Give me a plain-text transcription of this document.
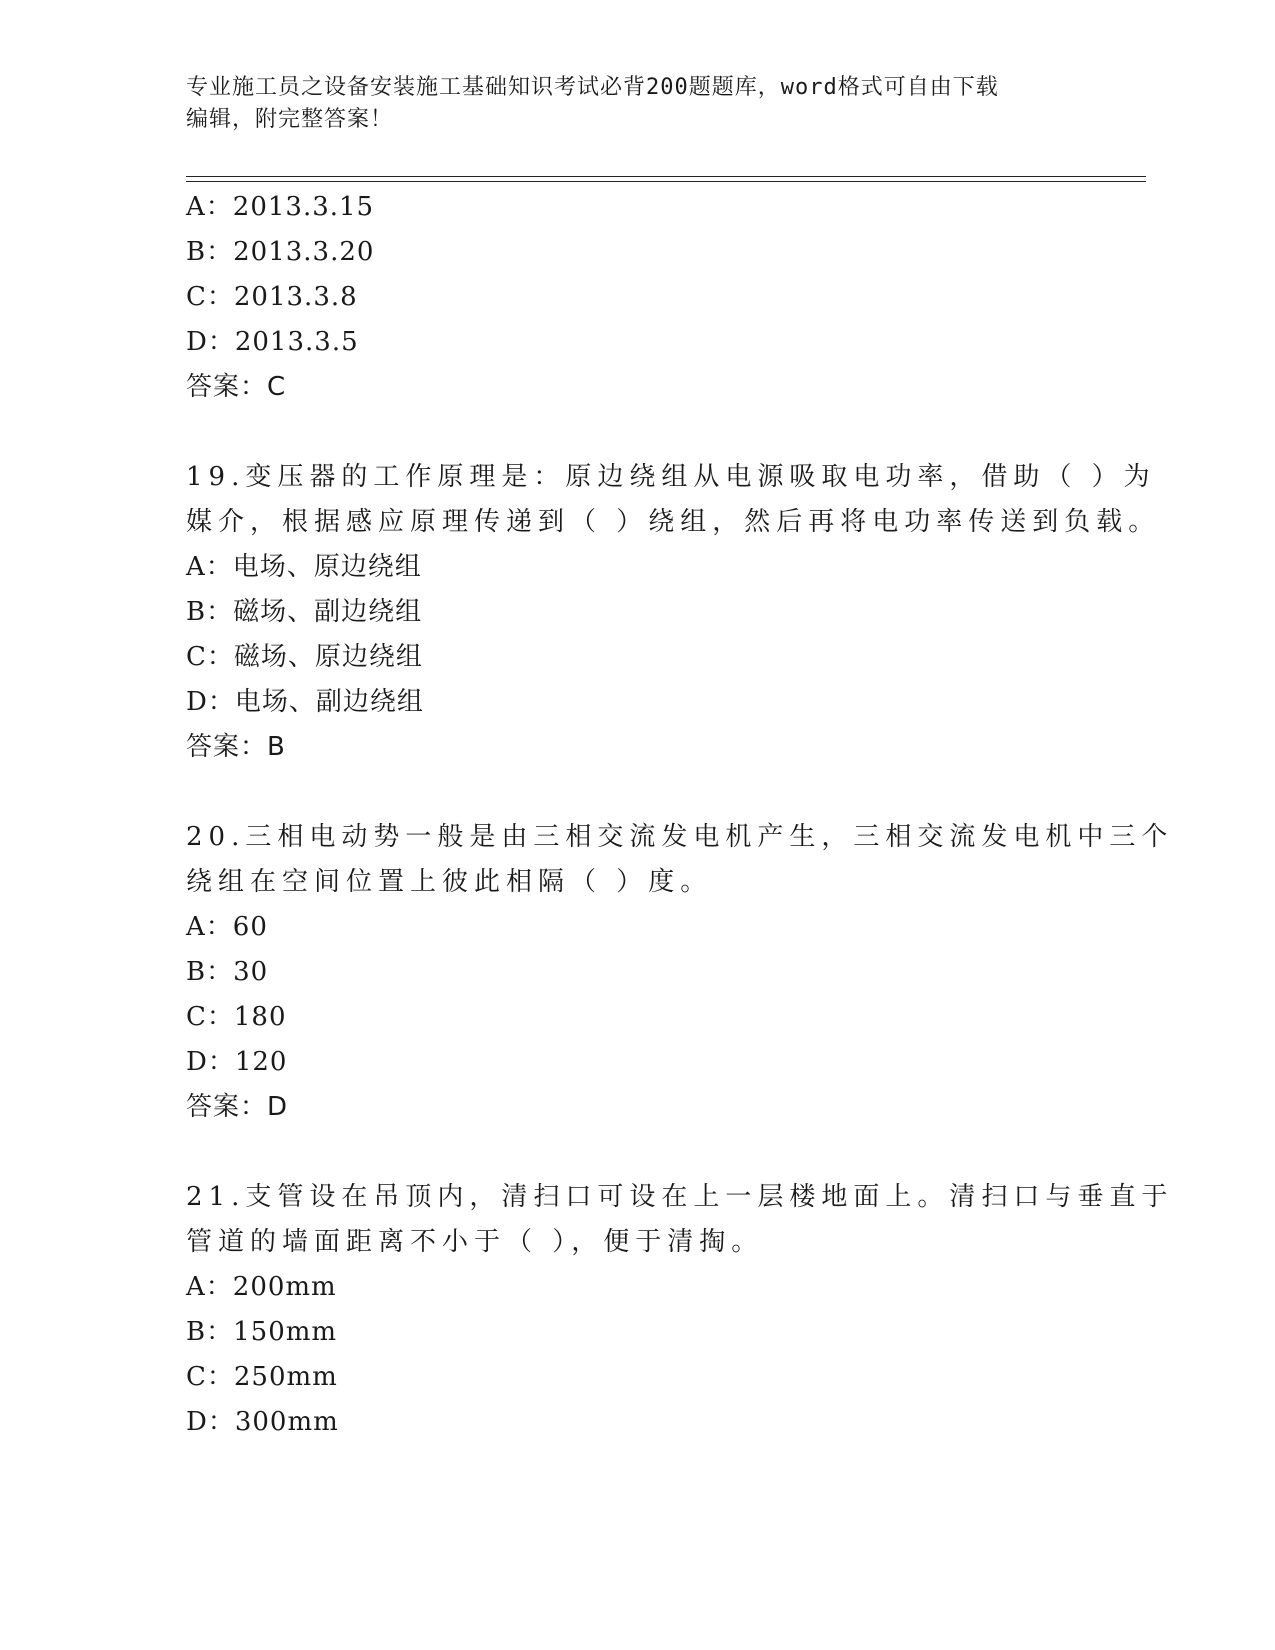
专业施工员之设备安装施工基础知识考试必背200题题库，word格式可自由下载
编辑，附完整答案！
A：2013.3.15
B：2013.3.20
C：2013.3.8
D：2013.3.5
答案：C
19.变压器的工作原理是：原边绕组从电源吸取电功率，借助（ ）为
媒介，根据感应原理传递到（ ）绕组，然后再将电功率传送到负载。
A：电场、原边绕组
B：磁场、副边绕组
C：磁场、原边绕组
D：电场、副边绕组
答案：B
20.三相电动势一般是由三相交流发电机产生，三相交流发电机中三个
绕组在空间位置上彼此相隔（ ）度。
A：60
B：30
C：180
D：120
答案：D
21.支管设在吊顶内，清扫口可设在上一层楼地面上。清扫口与垂直于
管道的墙面距离不小于（ ），便于清掏。
A：200mm
B：150mm
C：250mm
D：300mm
